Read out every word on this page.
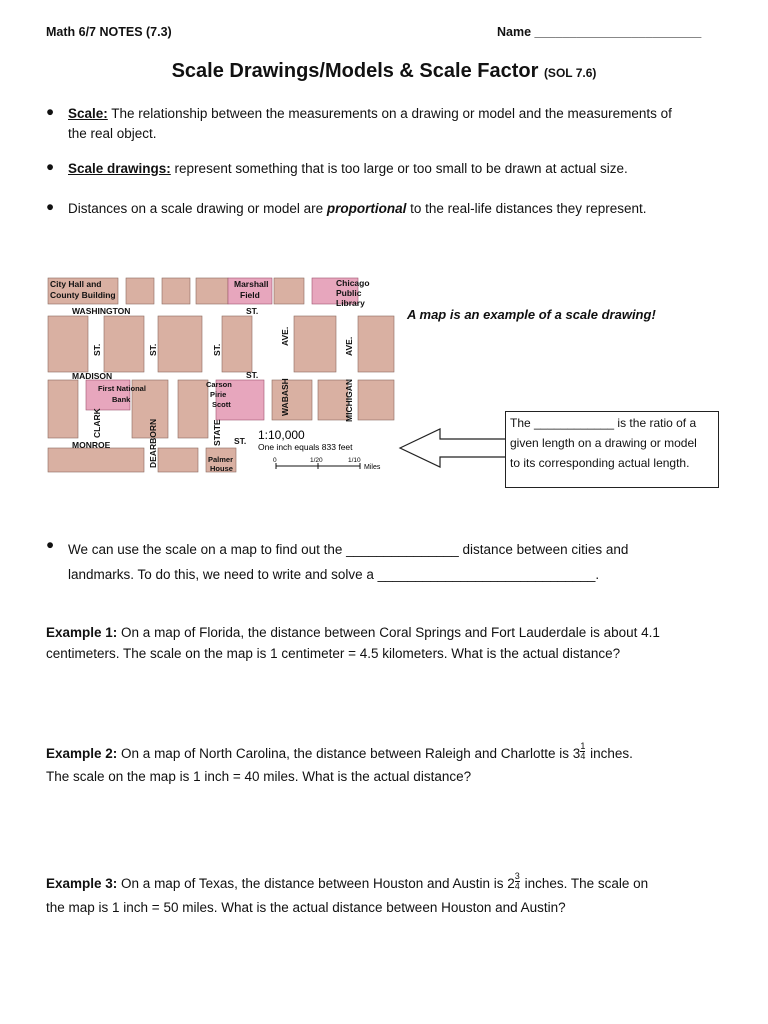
Math 6/7 NOTES (7.3)	Name ________________________
Scale Drawings/Models & Scale Factor (SOL 7.6)
● Scale: The relationship between the measurements on a drawing or model and the measurements of
the real object.
● Scale drawings: represent something that is too large or too small to be drawn at actual size.
● Distances on a scale drawing or model are proportional to the real-life distances they represent.
City Hall and
County Building
Marshall
Field
Chicago
Public
Library
WASHINGTON	ST.
MADISON	ST.
First National
Bank
Carson
Pirie
Scott
MONROE	ST.
Palmer
House
ST.	ST.	ST.
AVE.
AVE.
CLARK	DEARBORN	STATE
WABASH	MICHIGAN
1:10,000
One inch equals 833 feet
0	1/20	1/10
Miles
A map is an example of a scale drawing!
The ____________ is the ratio of a
given length on a drawing or model
to its corresponding actual length.
● We can use the scale on a map to find out the _______________ distance between cities and
landmarks. To do this, we need to write and solve a _____________________________.
Example 1: On a map of Florida, the distance between Coral Springs and Fort Lauderdale is about 4.1
centimeters. The scale on the map is 1 centimeter = 4.5 kilometers. What is the actual distance?
Example 2: On a map of North Carolina, the distance between Raleigh and Charlotte is $3 \frac{1}{4}$ inches.
The scale on the map is 1 inch = 40 miles. What is the actual distance?
Example 3: On a map of Texas, the distance between Houston and Austin is $2 \frac{3}{4}$ inches. The scale on
the map is 1 inch = 50 miles. What is the actual distance between Houston and Austin?
